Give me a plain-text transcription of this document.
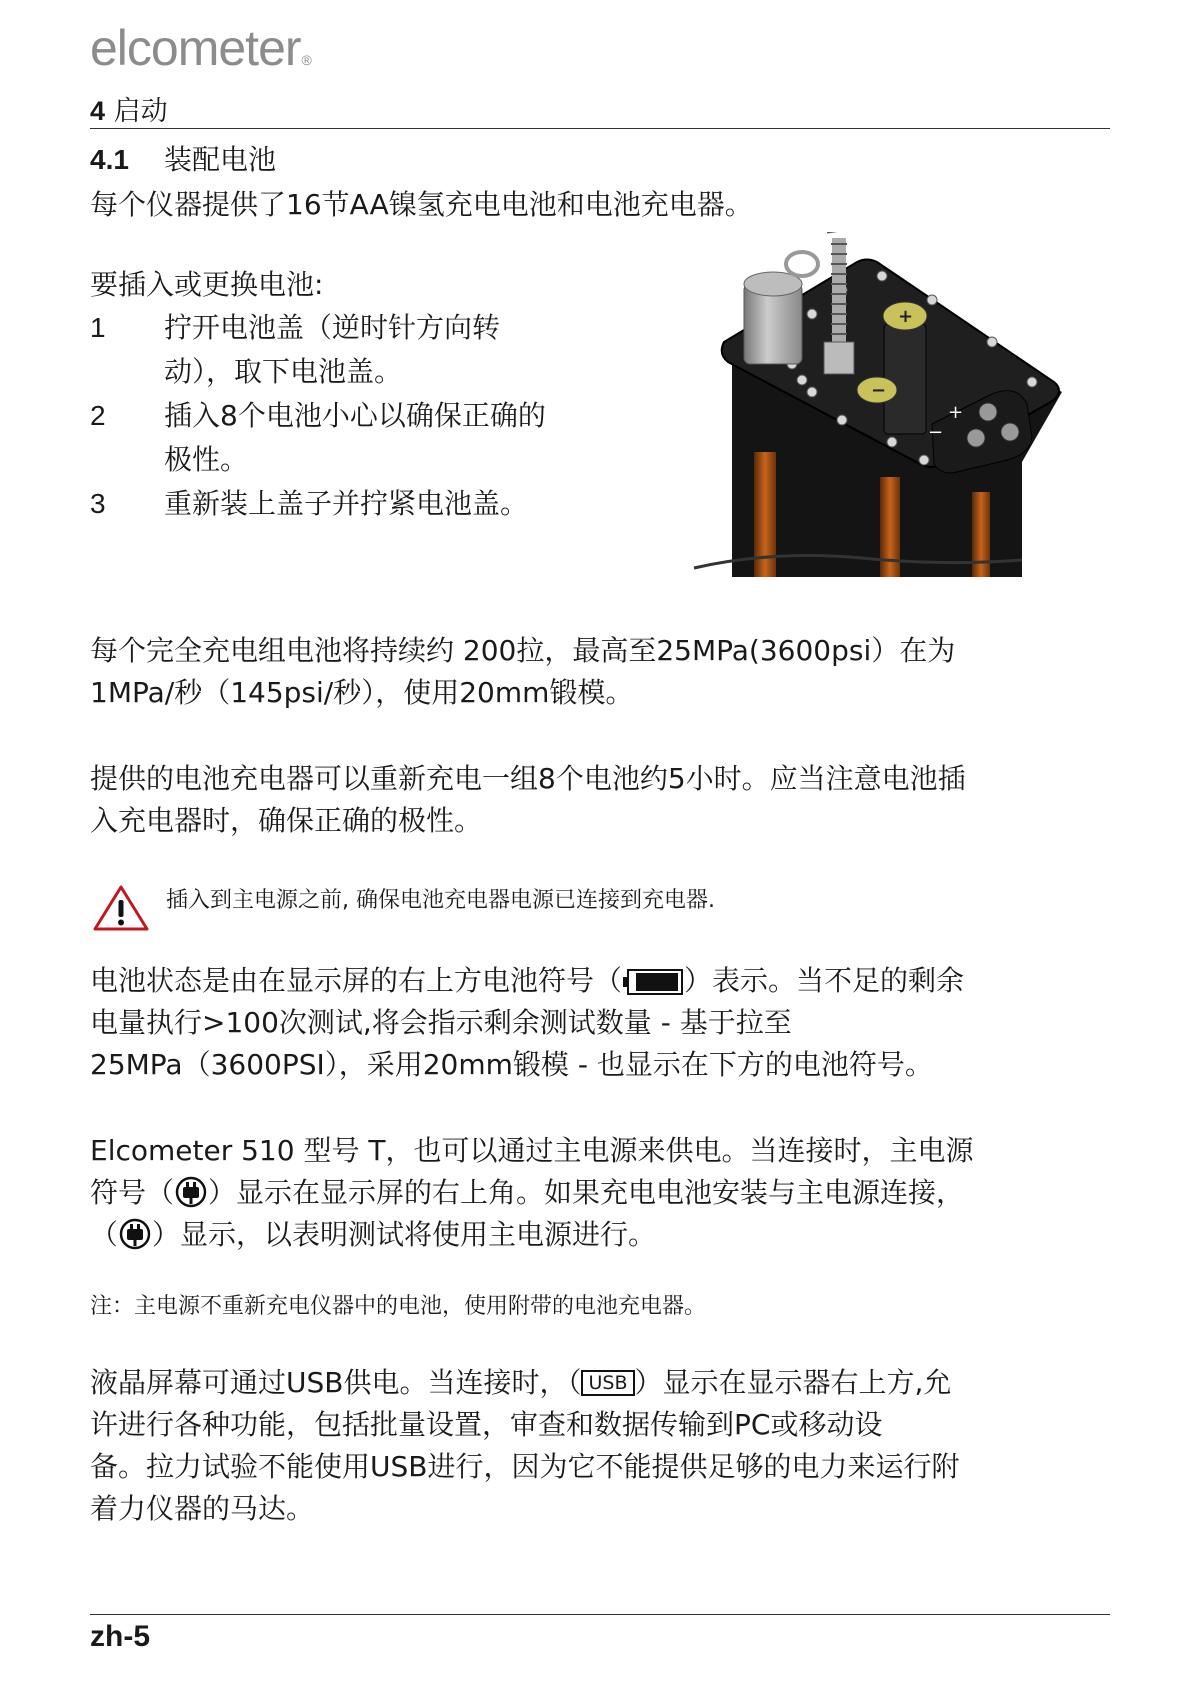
elcometer®
4 启动
4.1 装配电池

每个仪器提供了16节AA镍氢充电电池和电池充电器。

要插入或更换电池:

1 拧开电池盖（逆时针方向转
动），取下电池盖。
2 插入8个电池小心以确保正确的
极性。
3 重新装上盖子并拧紧电池盖。
+
−
+
−
每个完全充电组电池将持续约 200拉，最高至25MPa(3600psi）在为
1MPa/秒（145psi/秒），使用20mm锻模。
提供的电池充电器可以重新充电一组8个电池约5小时。应当注意电池插
入充电器时，确保正确的极性。
插入到主电源之前, 确保电池充电器电源已连接到充电器.
电池状态是由在显示屏的右上方电池符号（ ）表示。当不足的剩余
电量执行>100次测试,将会指示剩余测试数量 - 基于拉至
25MPa（3600PSI），采用20mm锻模 - 也显示在下方的电池符号。
Elcometer 510 型号 T，也可以通过主电源来供电。当连接时，主电源
符号（ ）显示在显示屏的右上角。如果充电电池安装与主电源连接，
（ ）显示，以表明测试将使用主电源进行。
注：主电源不重新充电仪器中的电池，使用附带的电池充电器。
液晶屏幕可通过USB供电。当连接时，（ USB ）显示在显示器右上方,允
许进行各种功能，包括批量设置，审查和数据传输到PC或移动设
备。拉力试验不能使用USB进行，因为它不能提供足够的电力来运行附
着力仪器的马达。
zh-5
